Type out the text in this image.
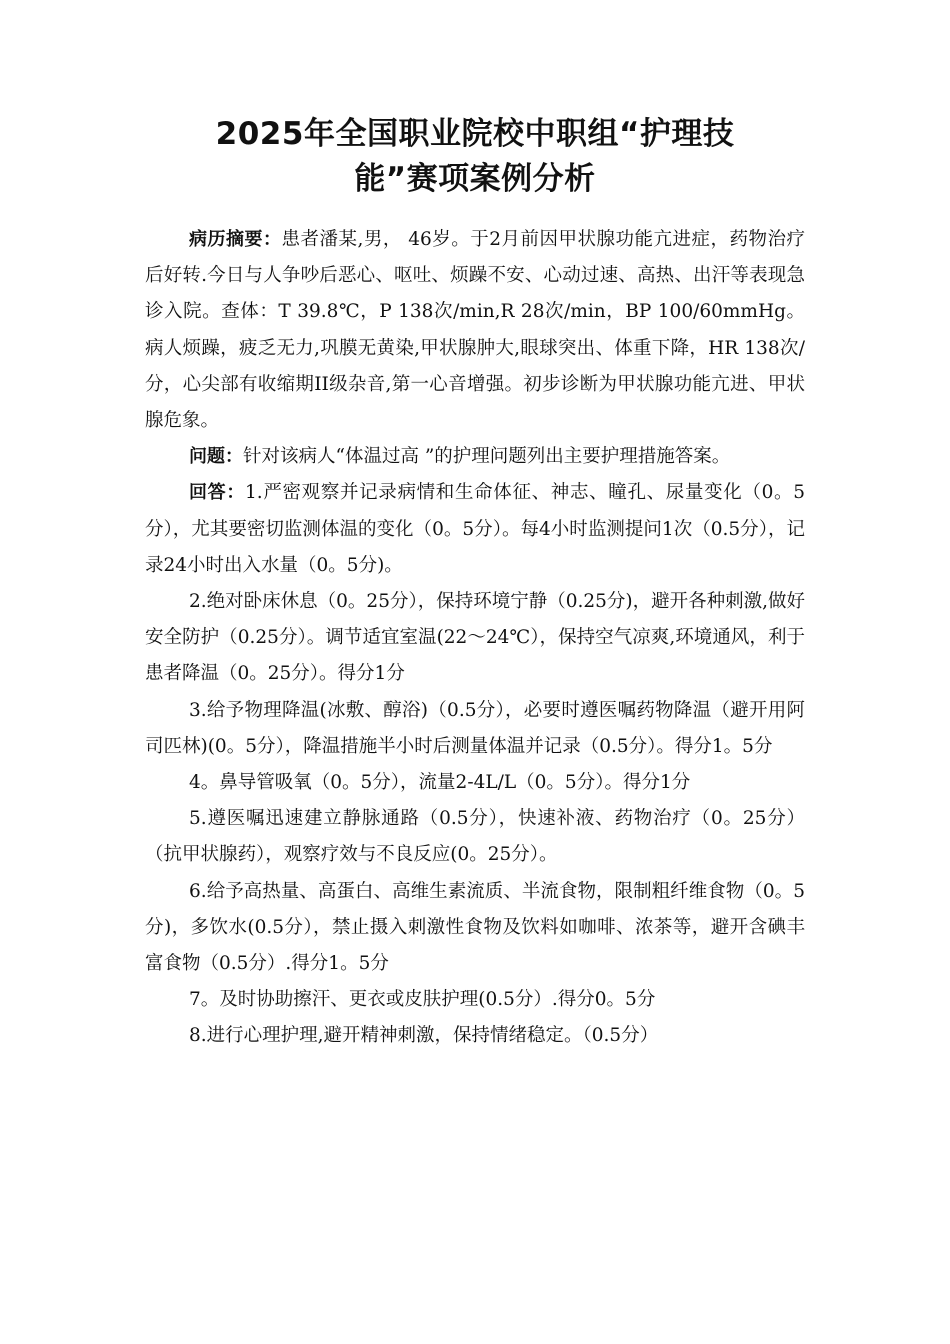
2025年全国职业院校中职组“护理技
能”赛项案例分析

病历摘要：患者潘某,男， 46岁。于2月前因甲状腺功能亢进症，药物治疗后好转.今日与人争吵后恶心、呕吐、烦躁不安、心动过速、高热、出汗等表现急诊入院。查体：T 39.8℃，P 138次/min,R 28次/min，BP 100/60mmHg。病人烦躁，疲乏无力,巩膜无黄染,甲状腺肿大,眼球突出、体重下降，HR 138次/分，心尖部有收缩期II级杂音,第一心音增强。初步诊断为甲状腺功能亢进、甲状腺危象。

问题：针对该病人“体温过高 ”的护理问题列出主要护理措施答案。

回答：1.严密观察并记录病情和生命体征、神志、瞳孔、尿量变化（0。5分），尤其要密切监测体温的变化（0。5分）。每4小时监测提问1次（0.5分），记录24小时出入水量（0。5分)。

2.绝对卧床休息（0。25分），保持环境宁静（0.25分)，避开各种刺激,做好安全防护（0.25分）。调节适宜室温(22～24℃），保持空气凉爽,环境通风，利于患者降温（0。25分）。得分1分

3.给予物理降温(冰敷、醇浴)（0.5分），必要时遵医嘱药物降温（避开用阿司匹林)(0。5分），降温措施半小时后测量体温并记录（0.5分）。得分1。5分

4。鼻导管吸氧（0。5分），流量2-4L/L（0。5分）。得分1分

5.遵医嘱迅速建立静脉通路（0.5分），快速补液、药物治疗（0。25分）（抗甲状腺药），观察疗效与不良反应(0。25分）。

6.给予高热量、高蛋白、高维生素流质、半流食物，限制粗纤维食物（0。5分)，多饮水(0.5分），禁止摄入刺激性食物及饮料如咖啡、浓茶等，避开含碘丰富食物（0.5分）.得分1。5分

7。及时协助擦汗、更衣或皮肤护理(0.5分）.得分0。5分

8.进行心理护理,避开精神刺激，保持情绪稳定。（0.5分）
